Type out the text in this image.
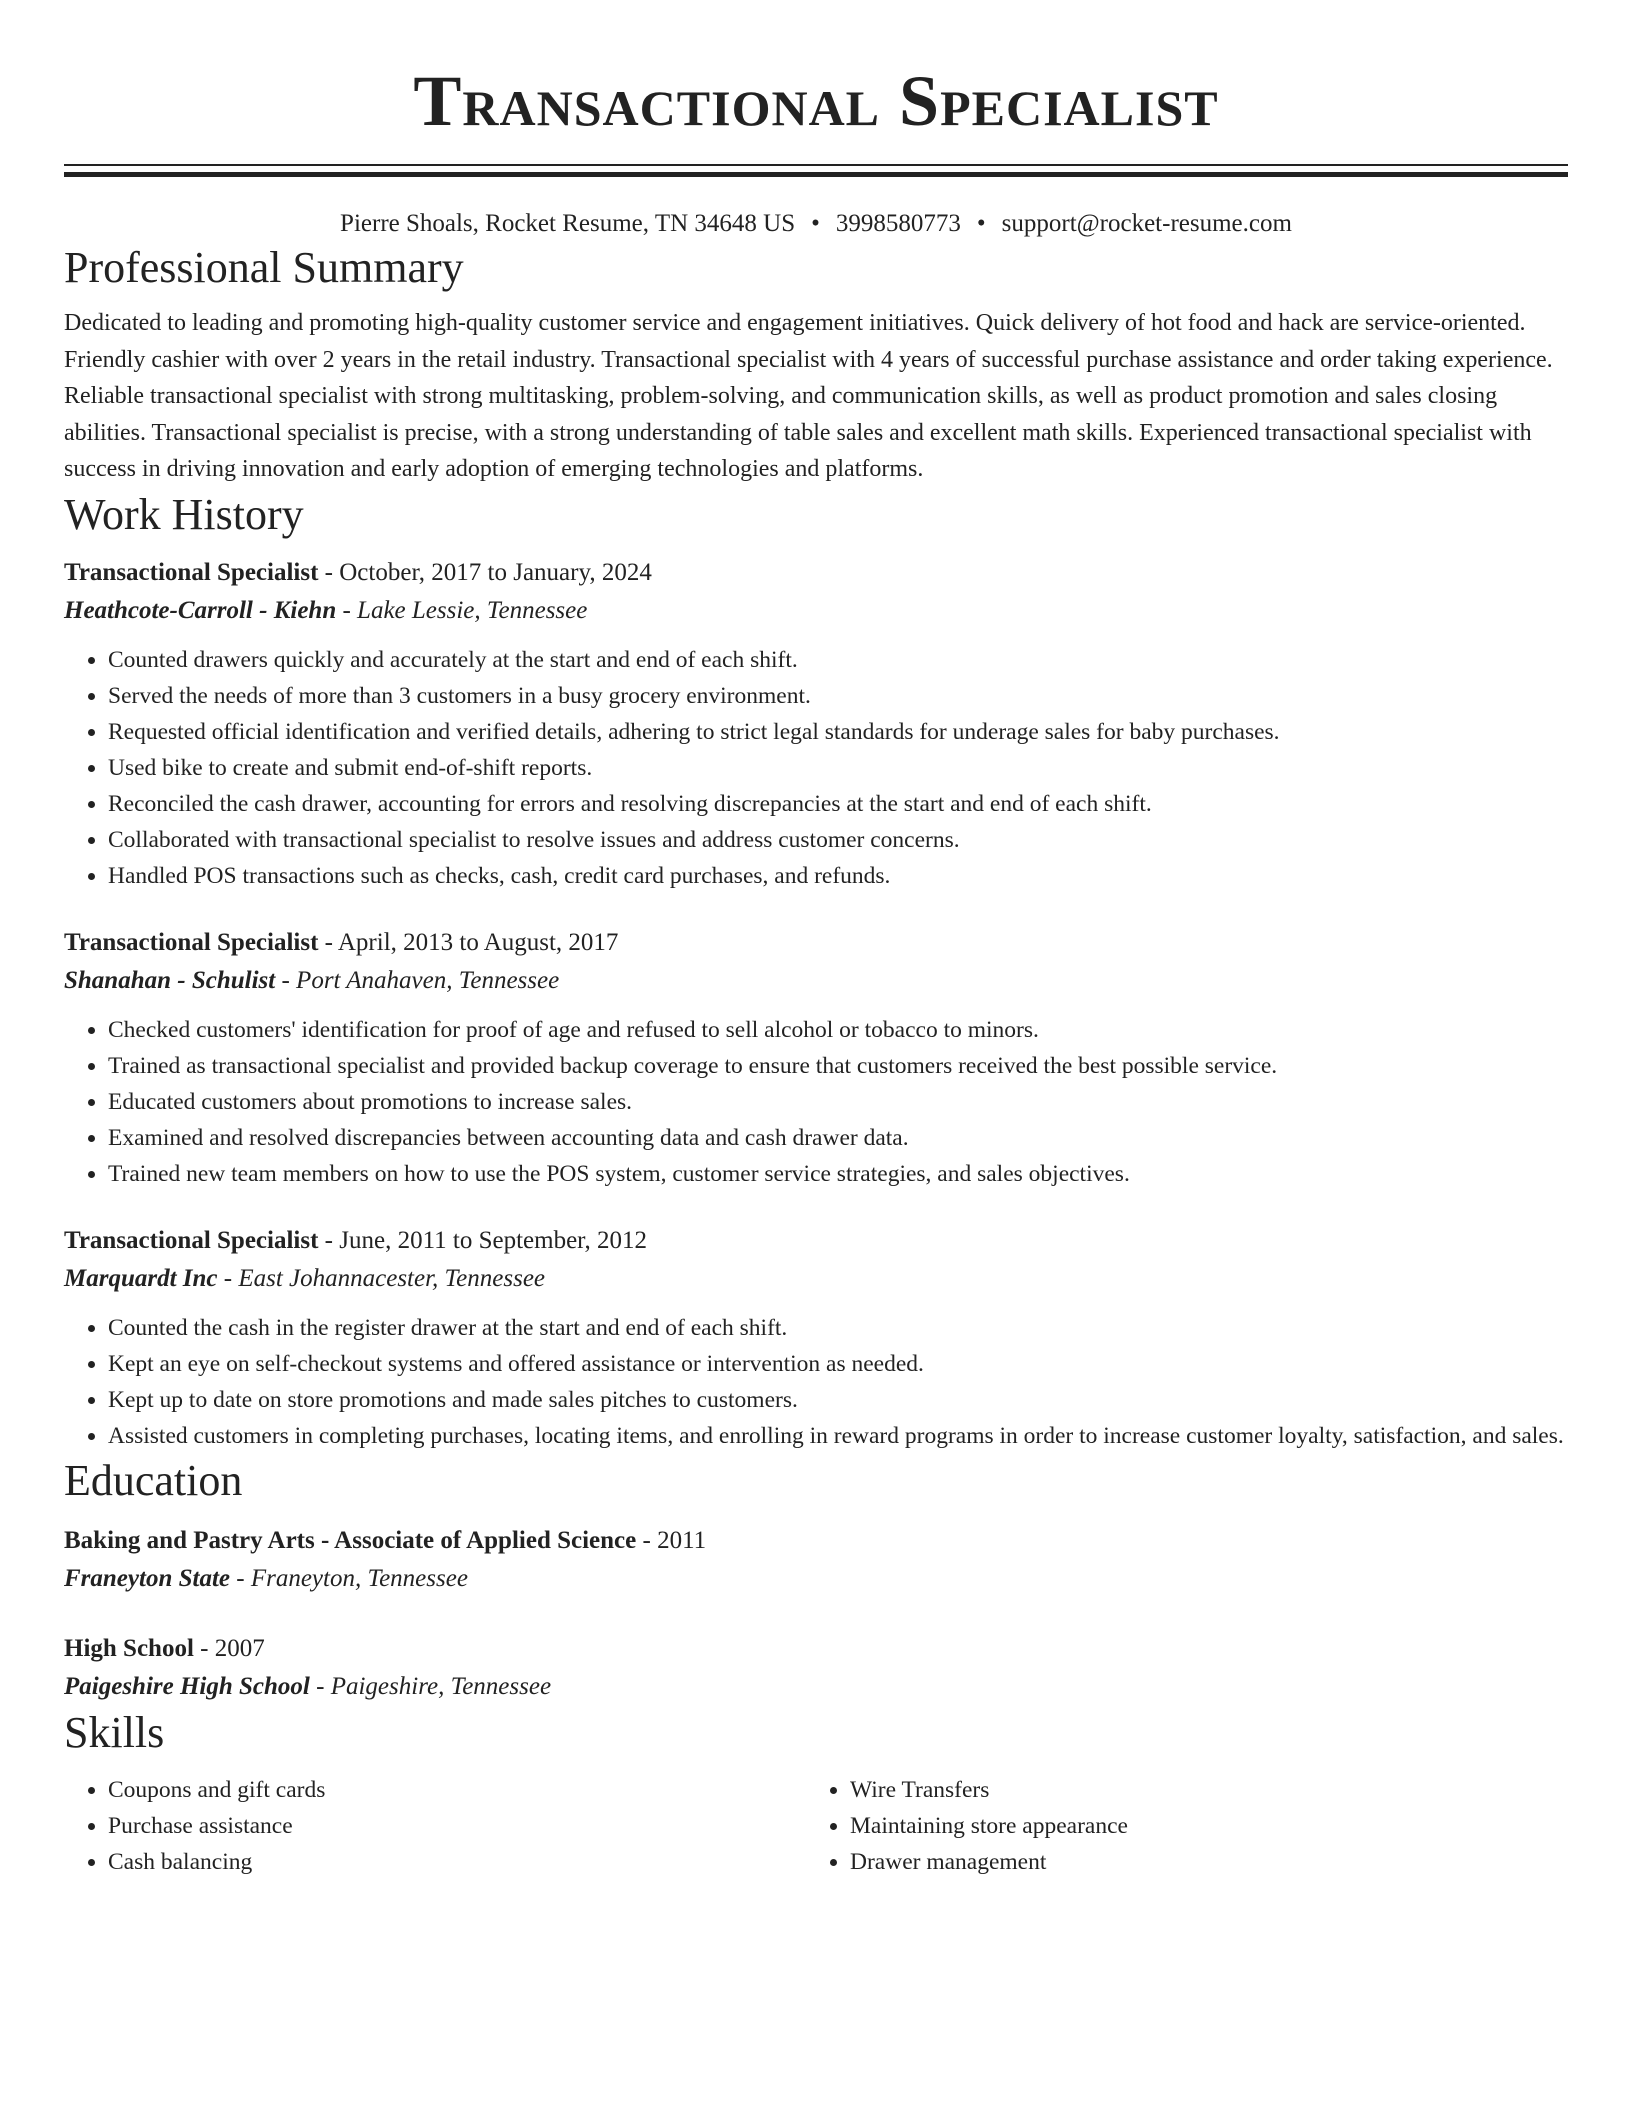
Transactional Specialist
Pierre Shoals, Rocket Resume, TN 34648 US • 3998580773 • support@rocket-resume.com
Professional Summary

Dedicated to leading and promoting high-quality customer service and engagement initiatives. Quick delivery of hot food and hack are service-oriented. Friendly cashier with over 2 years in the retail industry. Transactional specialist with 4 years of successful purchase assistance and order taking experience. Reliable transactional specialist with strong multitasking, problem-solving, and communication skills, as well as product promotion and sales closing abilities. Transactional specialist is precise, with a strong understanding of table sales and excellent math skills. Experienced transactional specialist with success in driving innovation and early adoption of emerging technologies and platforms.

Work History
Transactional Specialist - October, 2017 to January, 2024
Heathcote-Carroll - Kiehn - Lake Lessie, Tennessee
• Counted drawers quickly and accurately at the start and end of each shift.
• Served the needs of more than 3 customers in a busy grocery environment.
• Requested official identification and verified details, adhering to strict legal standards for underage sales for baby purchases.
• Used bike to create and submit end-of-shift reports.
• Reconciled the cash drawer, accounting for errors and resolving discrepancies at the start and end of each shift.
• Collaborated with transactional specialist to resolve issues and address customer concerns.
• Handled POS transactions such as checks, cash, credit card purchases, and refunds.
Transactional Specialist - April, 2013 to August, 2017
Shanahan - Schulist - Port Anahaven, Tennessee
• Checked customers' identification for proof of age and refused to sell alcohol or tobacco to minors.
• Trained as transactional specialist and provided backup coverage to ensure that customers received the best possible service.
• Educated customers about promotions to increase sales.
• Examined and resolved discrepancies between accounting data and cash drawer data.
• Trained new team members on how to use the POS system, customer service strategies, and sales objectives.
Transactional Specialist - June, 2011 to September, 2012
Marquardt Inc - East Johannacester, Tennessee
• Counted the cash in the register drawer at the start and end of each shift.
• Kept an eye on self-checkout systems and offered assistance or intervention as needed.
• Kept up to date on store promotions and made sales pitches to customers.
• Assisted customers in completing purchases, locating items, and enrolling in reward programs in order to increase customer loyalty, satisfaction, and sales.
Education
Baking and Pastry Arts - Associate of Applied Science - 2011
Franeyton State - Franeyton, Tennessee
High School - 2007
Paigeshire High School - Paigeshire, Tennessee
Skills
• Coupons and gift cards
• Purchase assistance
• Cash balancing
• Wire Transfers
• Maintaining store appearance
• Drawer management
